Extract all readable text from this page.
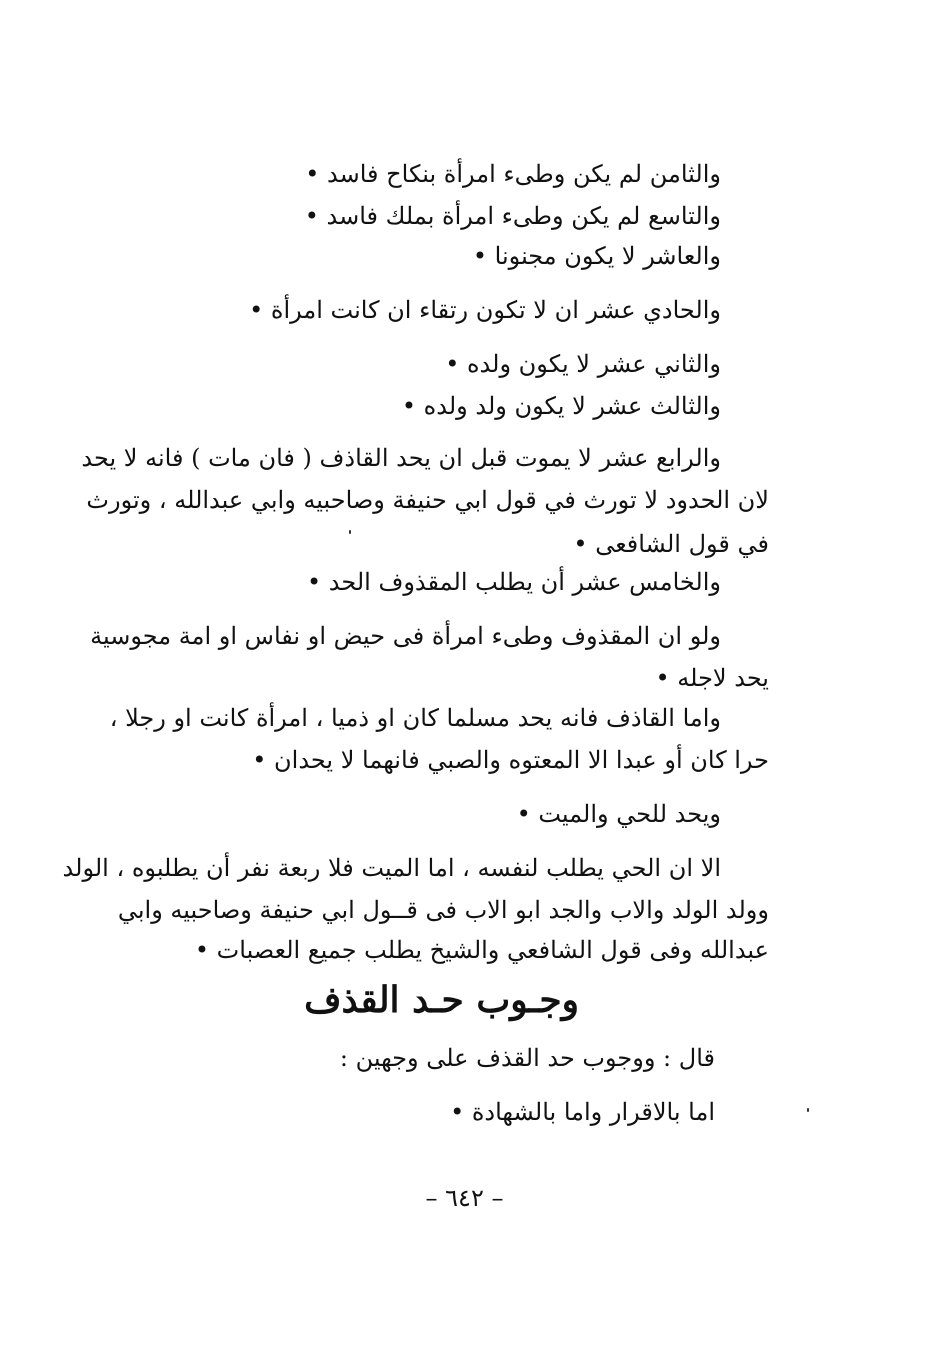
والثامن لم يكن وطىء امرأة بنكاح فاسد •
والتاسع لم يكن وطىء امرأة بملك فاسد •
والعاشر لا يكون مجنونا •
والحادي عشر ان لا تكون رتقاء ان كانت امرأة •
والثاني عشر لا يكون ولده •
والثالث عشر لا يكون ولد ولده •
والرابع عشر لا يموت قبل ان يحد القاذف ( فان مات ) فانه لا يحد
لان الحدود لا تورث في قول ابي حنيفة وصاحبيه وابي عبدالله ، وتورث
في قول الشافعى •
والخامس عشر أن يطلب المقذوف الحد •
ولو ان المقذوف وطىء امرأة فى حيض او نفاس او امة مجوسية
يحد لاجله •
واما القاذف فانه يحد مسلما كان او ذميا ، امرأة كانت او رجلا ،
حرا كان أو عبدا الا المعتوه والصبي فانهما لا يحدان •
ويحد للحي والميت •
الا ان الحي يطلب لنفسه ، اما الميت فلا ربعة نفر أن يطلبوه ، الولد
وولد الولد والاب والجد ابو الاب فى قــول ابي حنيفة وصاحبيه وابي
عبدالله وفى قول الشافعي والشيخ يطلب جميع العصبات •
وجـوب حـد القذف
قال : ووجوب حد القذف على وجهين :
اما بالاقرار واما بالشهادة •
– ٦٤٢ –
